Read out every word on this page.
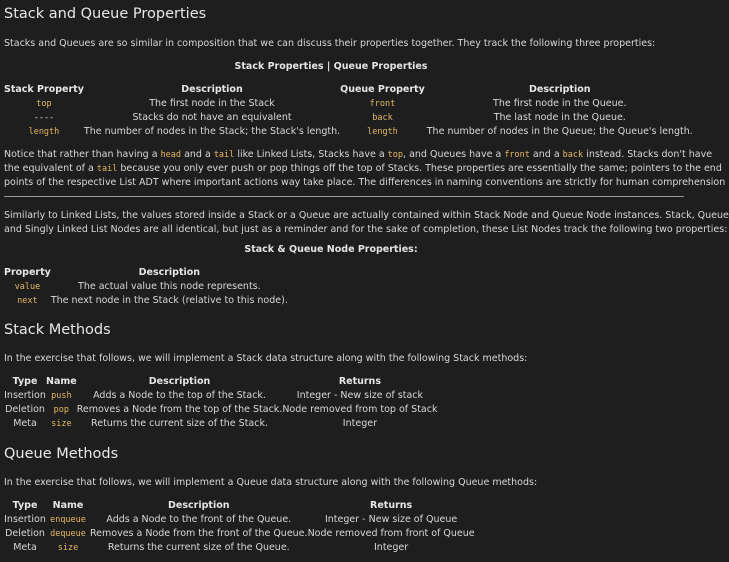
Stack and Queue Properties

Stacks and Queues are so similar in composition that we can discuss their properties together. They track the following three properties:

Stack Properties | Queue Properties

Stack Property	Description	Queue Property	Description
top	The first node in the Stack	front	The first node in the Queue.
----	Stacks do not have an equivalent	back	The last node in the Queue.
length	The number of nodes in the Stack; the Stack's length.	length	The number of nodes in the Queue; the Queue's length.

Notice that rather than having a head and a tail like Linked Lists, Stacks have a top, and Queues have a front and a back instead. Stacks don't have

the equivalent of a tail because you only ever push or pop things off the top of Stacks. These properties are essentially the same; pointers to the end

points of the respective List ADT where important actions way take place. The differences in naming conventions are strictly for human comprehension

Similarly to Linked Lists, the values stored inside a Stack or a Queue are actually contained within Stack Node and Queue Node instances. Stack, Queue

and Singly Linked List Nodes are all identical, but just as a reminder and for the sake of completion, these List Nodes track the following two properties:

Stack & Queue Node Properties:

Property	Description
value	The actual value this node represents.
next	The next node in the Stack (relative to this node).
Stack Methods

In the exercise that follows, we will implement a Stack data structure along with the following Stack methods:

Type	Name	Description	Returns
Insertion	push	Adds a Node to the top of the Stack.	Integer - New size of stack
Deletion	pop	Removes a Node from the top of the Stack.	Node removed from top of Stack
Meta	size	Returns the current size of the Stack.	Integer
Queue Methods

In the exercise that follows, we will implement a Queue data structure along with the following Queue methods:

Type	Name	Description	Returns
Insertion	enqueue	Adds a Node to the front of the Queue.	Integer - New size of Queue
Deletion	dequeue	Removes a Node from the front of the Queue.	Node removed from front of Queue
Meta	size	Returns the current size of the Queue.	Integer
